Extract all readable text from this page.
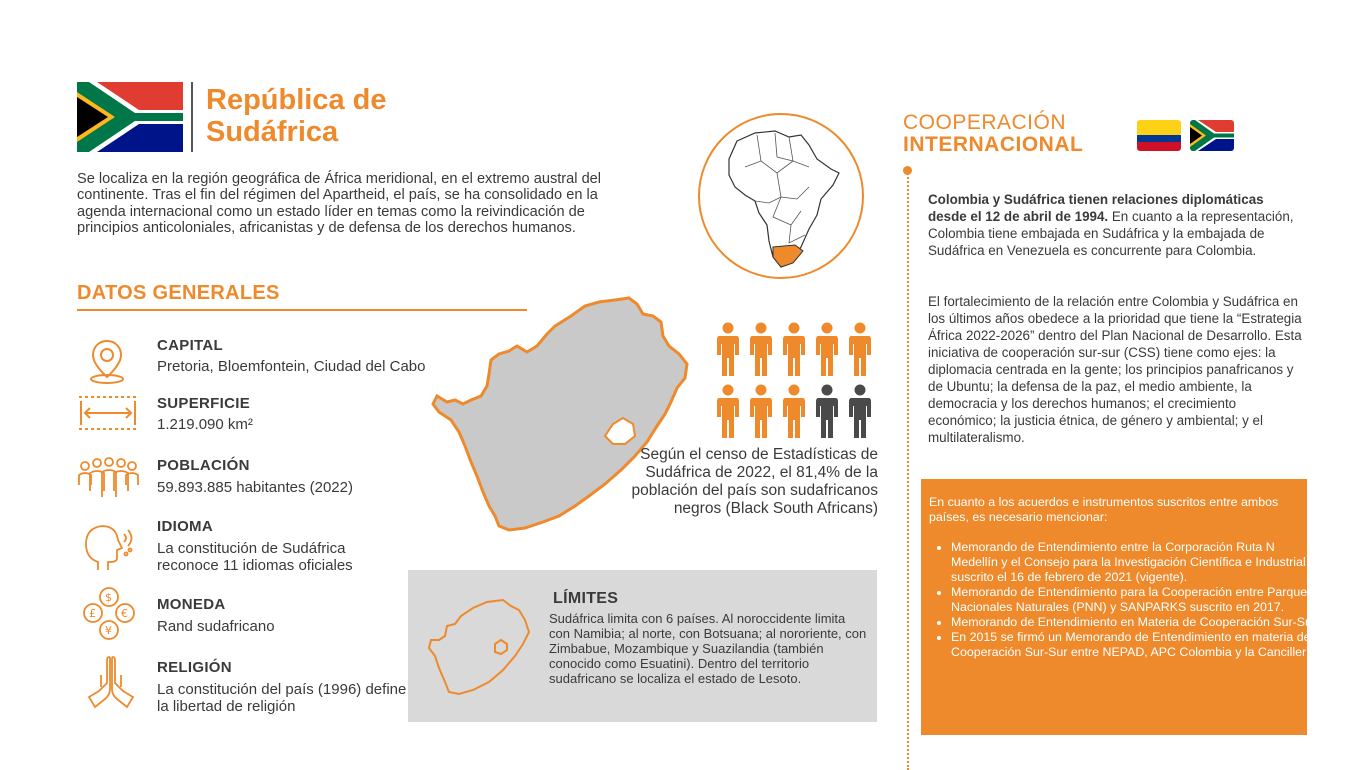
República de Sudáfrica
Se localiza en la región geográfica de África meridional, en el extremo austral del continente. Tras el fin del régimen del Apartheid, el país, se ha consolidado en la agenda internacional como un estado líder en temas como la reivindicación de principios anticoloniales, africanistas y de defensa de los derechos humanos.
DATOS GENERALES
CAPITAL
Pretoria, Bloemfontein, Ciudad del Cabo
SUPERFICIE
1.219.090 km²
POBLACIÓN
59.893.885 habitantes (2022)
IDIOMA
La constitución de Sudáfrica reconoce 11 idiomas oficiales
$
£ €
¥
MONEDA
Rand sudafricano
RELIGIÓN
La constitución del país (1996) define la libertad de religión
Según el censo de Estadísticas de Sudáfrica de 2022, el 81,4% de la población del país son sudafricanos negros (Black South Africans)
LÍMITES
Sudáfrica limita con 6 países. Al noroccidente limita con Namibia; al norte, con Botsuana; al nororiente, con Zimbabue, Mozambique y Suazilandia (también conocido como Esuatini). Dentro del territorio sudafricano se localiza el estado de Lesoto.
COOPERACIÓN
INTERNACIONAL
Colombia y Sudáfrica tienen relaciones diplomáticas desde el 12 de abril de 1994. En cuanto a la representación, Colombia tiene embajada en Sudáfrica y la embajada de Sudáfrica en Venezuela es concurrente para Colombia.
El fortalecimiento de la relación entre Colombia y Sudáfrica en los últimos años obedece a la prioridad que tiene la “Estrategia África 2022-2026” dentro del Plan Nacional de Desarrollo. Esta iniciativa de cooperación sur-sur (CSS) tiene como ejes: la diplomacia centrada en la gente; los principios panafricanos y de Ubuntu; la defensa de la paz, el medio ambiente, la democracia y los derechos humanos; el crecimiento económico; la justicia étnica, de género y ambiental; y el multilateralismo.
En cuanto a los acuerdos e instrumentos suscritos entre ambos países, es necesario mencionar:
• Memorando de Entendimiento entre la Corporación Ruta N Medellín y el Consejo para la Investigación Científica e Industrial suscrito el 16 de febrero de 2021 (vigente).
• Memorando de Entendimiento para la Cooperación entre Parques Nacionales Naturales (PNN) y SANPARKS suscrito en 2017.
• Memorando de Entendimiento en Materia de Cooperación Sur-Sur:
• En 2015 se firmó un Memorando de Entendimiento en materia de Cooperación Sur-Sur entre NEPAD, APC Colombia y la Cancillería.
